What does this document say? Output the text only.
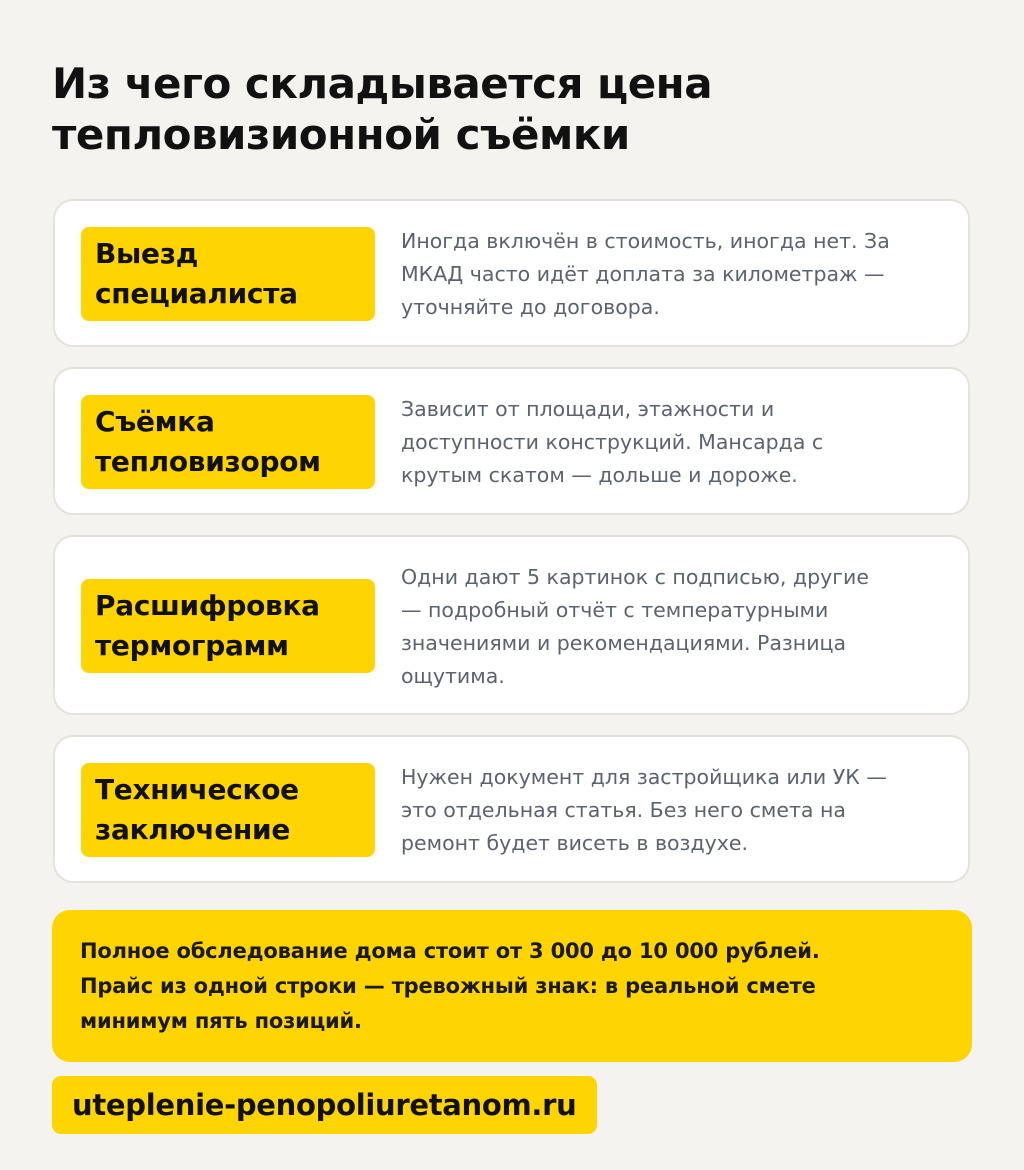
Из чего складывается цена
тепловизионной съёмки
Выезд
специалиста
Иногда включён в стоимость, иногда нет. За
МКАД часто идёт доплата за километраж —
уточняйте до договора.
Съёмка
тепловизором
Зависит от площади, этажности и
доступности конструкций. Мансарда с
крутым скатом — дольше и дороже.
Расшифровка
термограмм
Одни дают 5 картинок с подписью, другие
— подробный отчёт с температурными
значениями и рекомендациями. Разница
ощутима.
Техническое
заключение
Нужен документ для застройщика или УК —
это отдельная статья. Без него смета на
ремонт будет висеть в воздухе.
Полное обследование дома стоит от 3 000 до 10 000 рублей.
Прайс из одной строки — тревожный знак: в реальной смете
минимум пять позиций.
uteplenie-penopoliuretanom.ru
